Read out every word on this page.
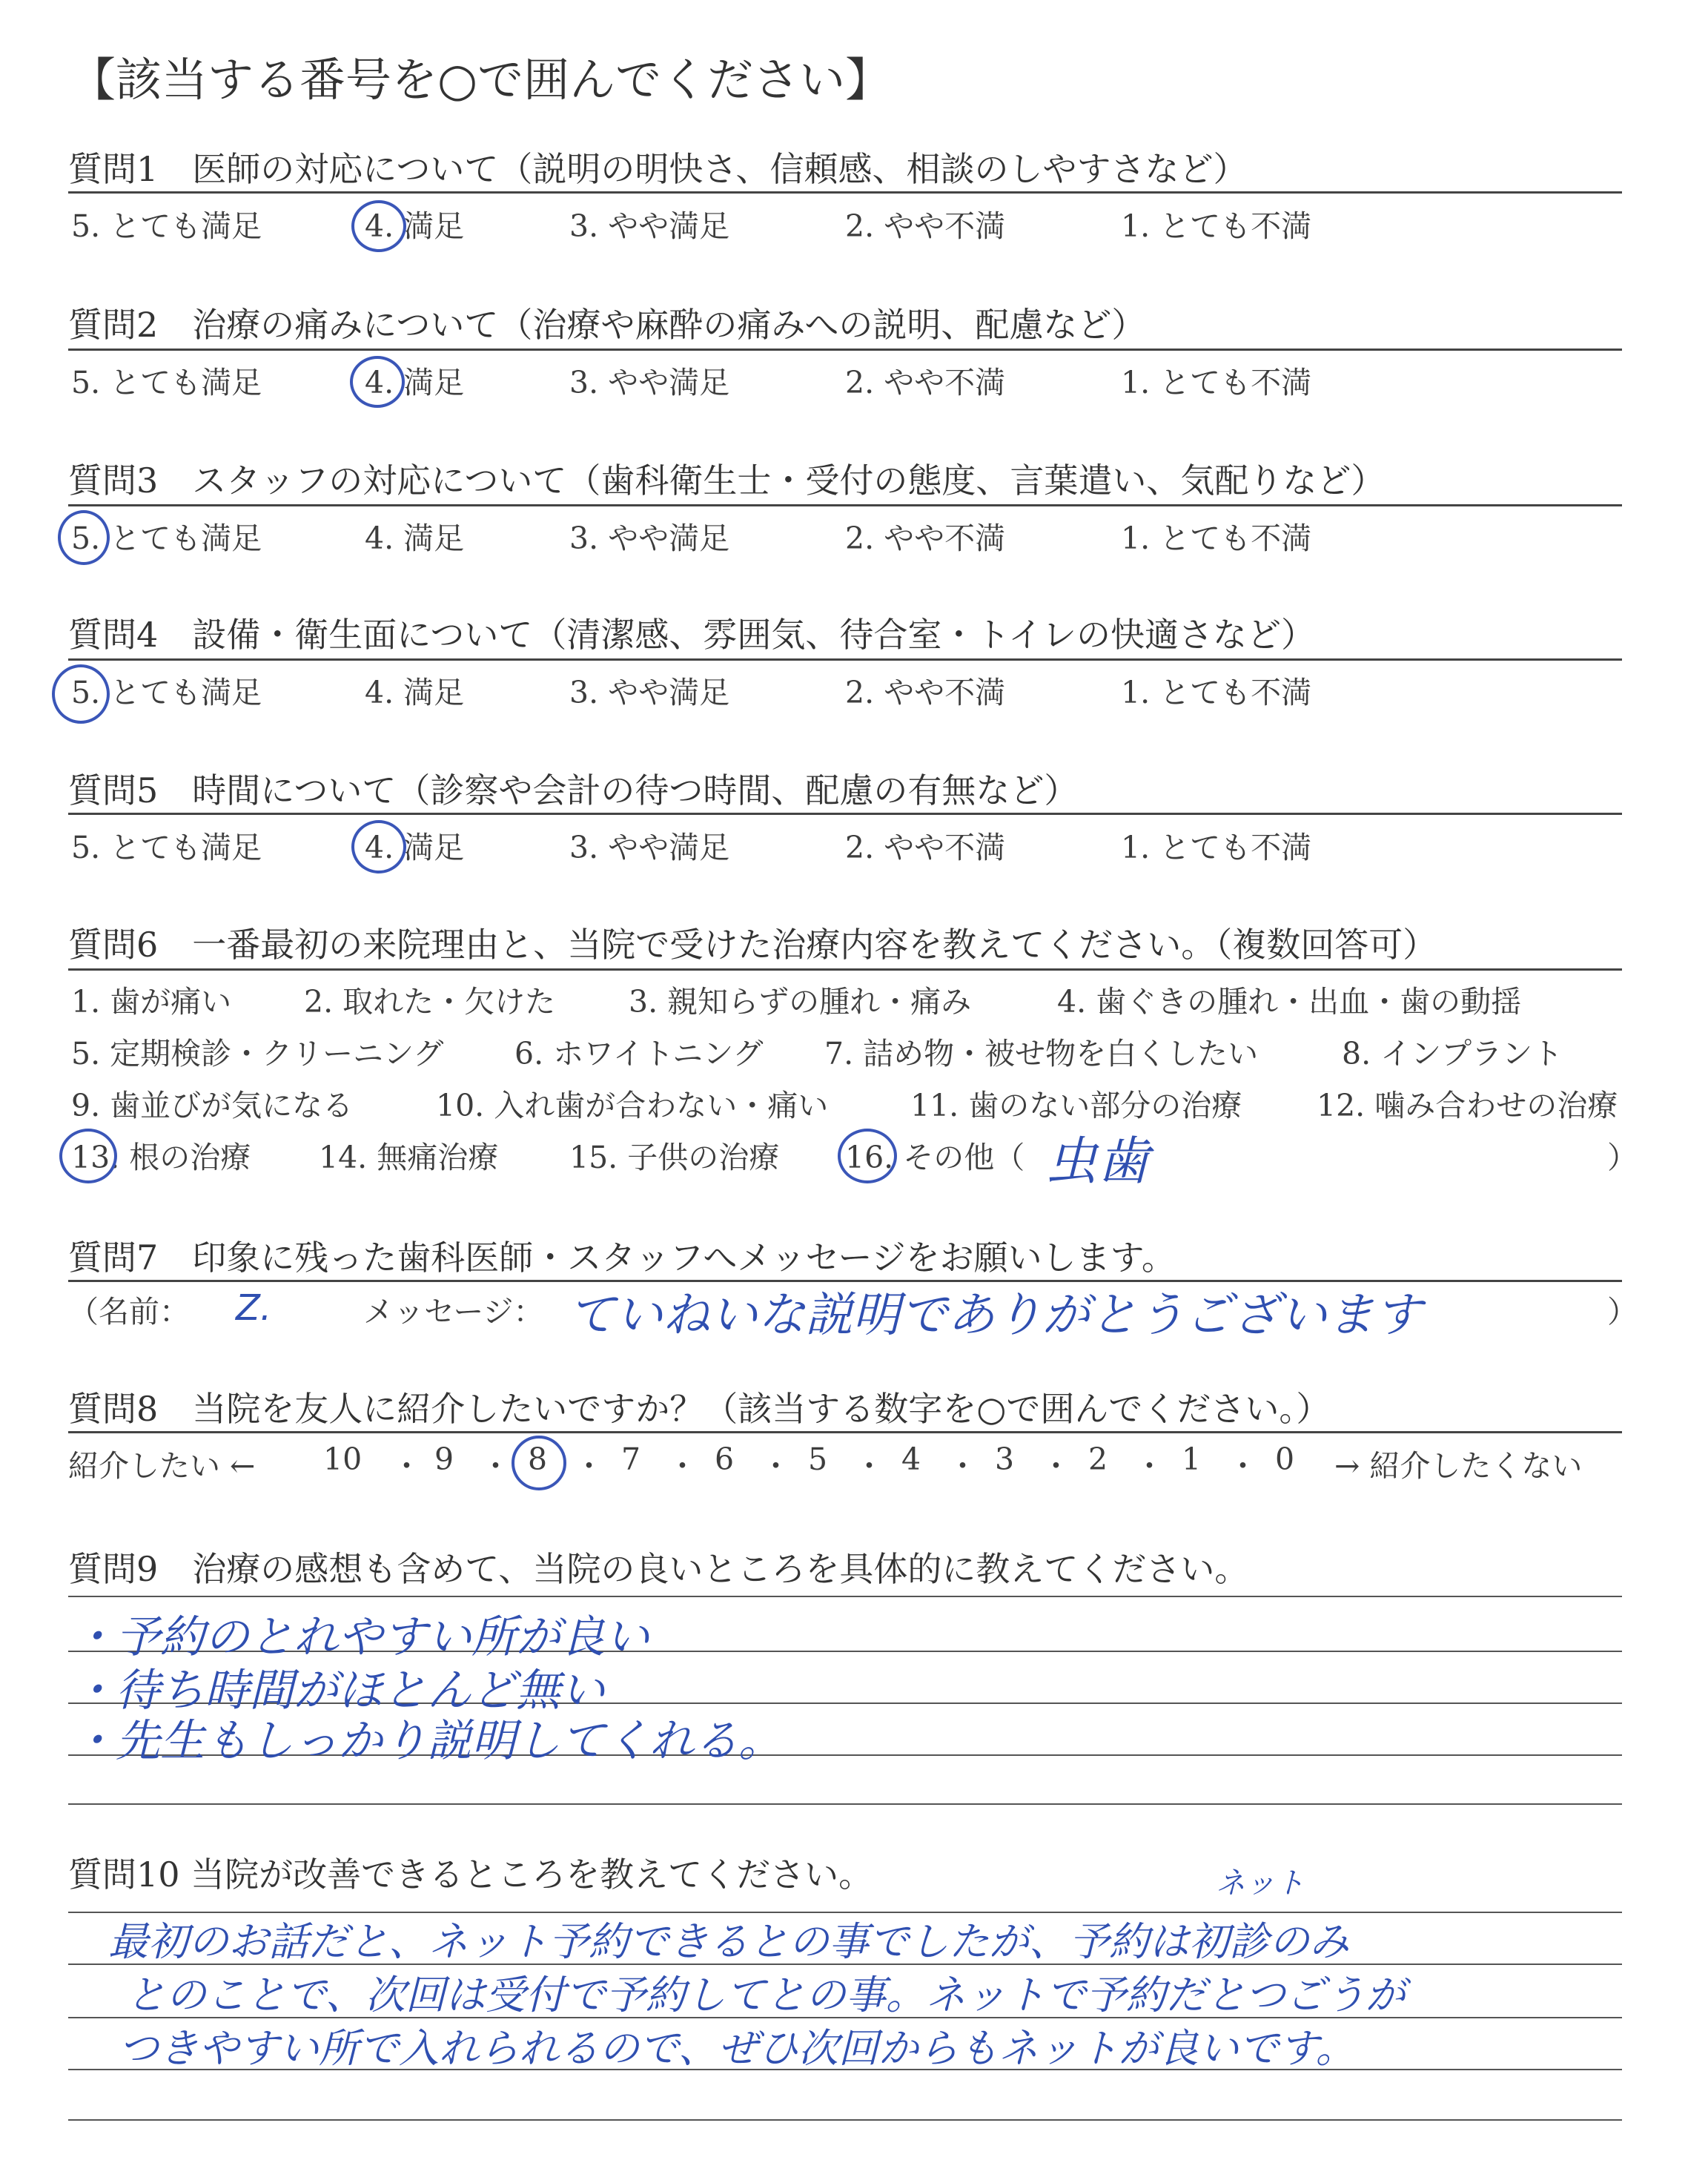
【該当する番号を○で囲んでください】
質問1　医師の対応について（説明の明快さ、信頼感、相談のしやすさなど）
5. とても満足	4. 満足	3. やや満足	2. やや不満	1. とても不満
質問2　治療の痛みについて（治療や麻酔の痛みへの説明、配慮など）
5. とても満足	4. 満足	3. やや満足	2. やや不満	1. とても不満
質問3　スタッフの対応について（歯科衛生士・受付の態度、言葉遣い、気配りなど）
5. とても満足	4. 満足	3. やや満足	2. やや不満	1. とても不満
質問4　設備・衛生面について（清潔感、雰囲気、待合室・トイレの快適さなど）
5. とても満足	4. 満足	3. やや満足	2. やや不満	1. とても不満
質問5　時間について（診察や会計の待つ時間、配慮の有無など）
5. とても満足	4. 満足	3. やや満足	2. やや不満	1. とても不満
質問6　一番最初の来院理由と、当院で受けた治療内容を教えてください。（複数回答可）
1. 歯が痛い 2. 取れた・欠けた 3. 親知らずの腫れ・痛み	4. 歯ぐきの腫れ・出血・歯の動揺
5. 定期検診・クリーニング 6. ホワイトニング 7. 詰め物・被せ物を白くしたい	8. インプラント
9. 歯並びが気になる	10. 入れ歯が合わない・痛い	11. 歯のない部分の治療 12. 噛み合わせの治療
13. 根の治療 14. 無痛治療 15. 子供の治療 16. その他（ 虫歯	）
質問7　印象に残った歯科医師・スタッフへメッセージをお願いします。
（名前： Z.	メッセージ： ていねいな説明でありがとうございます	）
質問8　当院を友人に紹介したいですか？（該当する数字を○で囲んでください。）
紹介したい ← 10 ・ 9 ・ 8 ・ 7 ・ 6 ・ 5 ・ 4 ・ 3 ・ 2 ・ 1 ・ 0 → 紹介したくない
質問9　治療の感想も含めて、当院の良いところを具体的に教えてください。
・予約のとれやすい所が良い
・待ち時間がほとんど無い
・先生もしっかり説明してくれる。
質問10 当院が改善できるところを教えてください。	ネット
最初のお話だと、ネット予約できるとの事でしたが、予約は初診のみ
とのことで、次回は受付で予約してとの事。ネットで予約だとつごうが
つきやすい所で入れられるので、ぜひ次回からもネットが良いです。
